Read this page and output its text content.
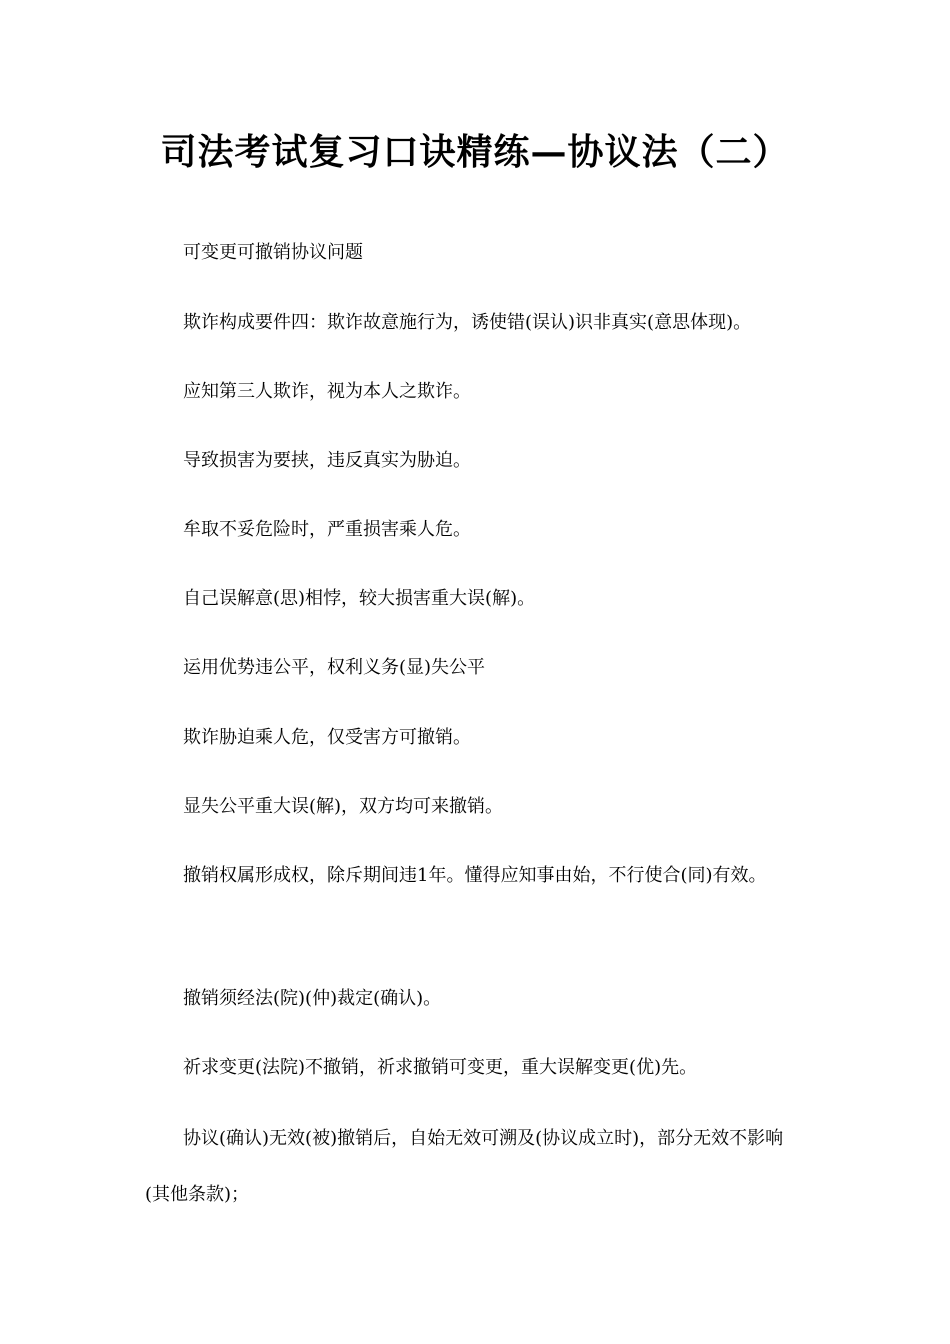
司法考试复习口诀精练—协议法（二）
可变更可撤销协议问题
欺诈构成要件四：欺诈故意施行为，诱使错(误认)识非真实(意思体现)。
应知第三人欺诈，视为本人之欺诈。
导致损害为要挟，违反真实为胁迫。
牟取不妥危险时，严重损害乘人危。
自己误解意(思)相悖，较大损害重大误(解)。
运用优势违公平，权利义务(显)失公平
欺诈胁迫乘人危，仅受害方可撤销。
显失公平重大误(解)，双方均可来撤销。
撤销权属形成权，除斥期间违1年。懂得应知事由始，不行使合(同)有效。
撤销须经法(院)(仲)裁定(确认)。
祈求变更(法院)不撤销，祈求撤销可变更，重大误解变更(优)先。
协议(确认)无效(被)撤销后，自始无效可溯及(协议成立时)，部分无效不影响(其他条款)；
